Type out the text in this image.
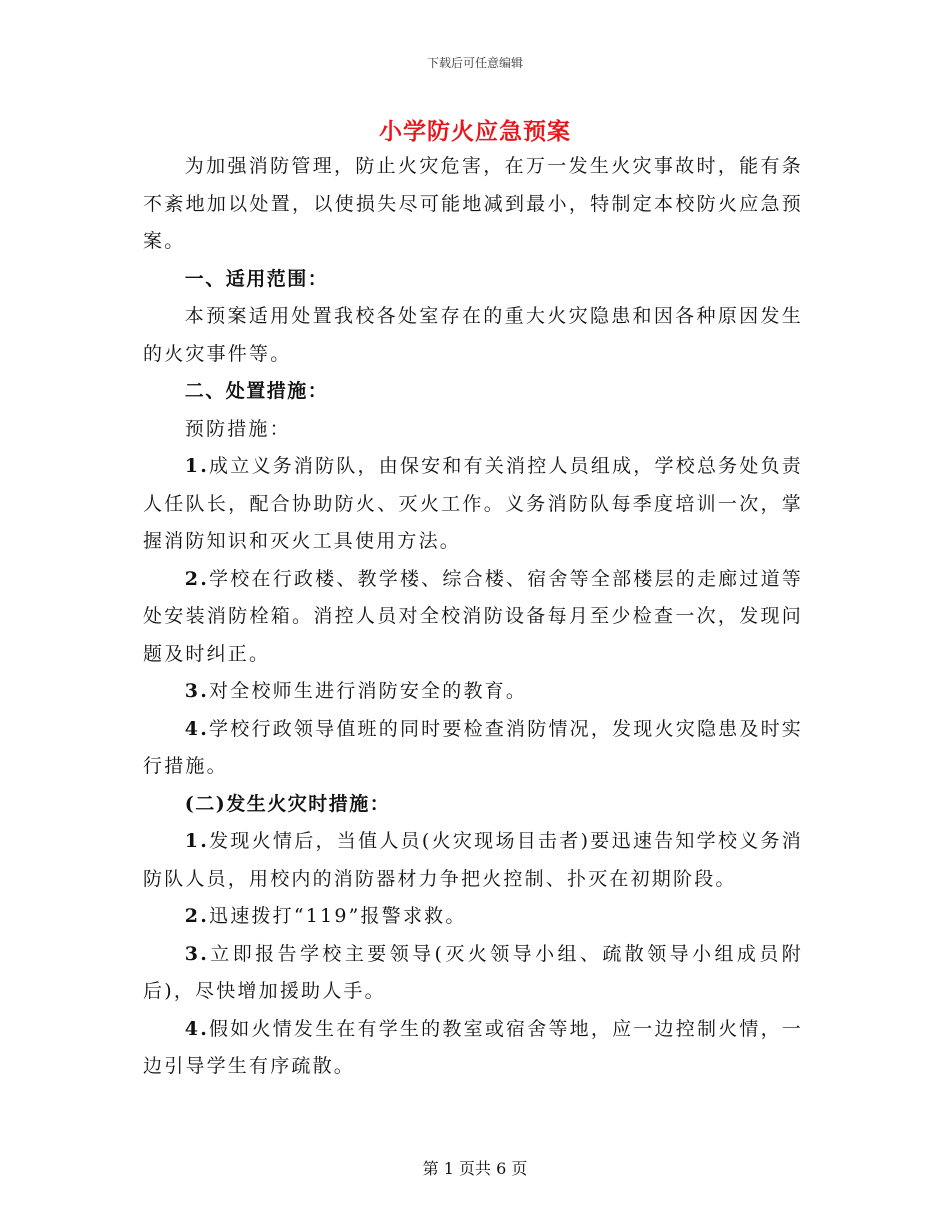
下载后可任意编辑
小学防火应急预案

为加强消防管理，防止火灾危害，在万一发生火灾事故时，能有条不紊地加以处置，以使损失尽可能地减到最小，特制定本校防火应急预案。

一、适用范围：

本预案适用处置我校各处室存在的重大火灾隐患和因各种原因发生的火灾事件等。

二、处置措施：

预防措施：

1.成立义务消防队，由保安和有关消控人员组成，学校总务处负责人任队长，配合协助防火、灭火工作。义务消防队每季度培训一次，掌握消防知识和灭火工具使用方法。

2.学校在行政楼、教学楼、综合楼、宿舍等全部楼层的走廊过道等处安装消防栓箱。消控人员对全校消防设备每月至少检查一次，发现问题及时纠正。

3.对全校师生进行消防安全的教育。

4.学校行政领导值班的同时要检查消防情况，发现火灾隐患及时实行措施。

(二)发生火灾时措施：

1.发现火情后，当值人员(火灾现场目击者)要迅速告知学校义务消防队人员，用校内的消防器材力争把火控制、扑灭在初期阶段。

2.迅速拨打“119”报警求救。

3.立即报告学校主要领导(灭火领导小组、疏散领导小组成员附后)，尽快增加援助人手。

4.假如火情发生在有学生的教室或宿舍等地，应一边控制火情，一边引导学生有序疏散。

第 1 页共 6 页
